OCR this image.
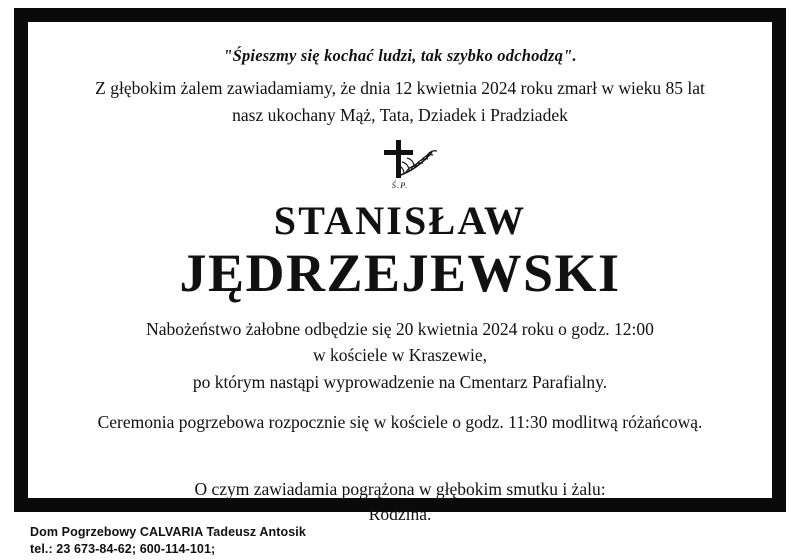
"Śpieszmy się kochać ludzi, tak szybko odchodzą".
Z głębokim żalem zawiadamiamy, że dnia 12 kwietnia 2024 roku zmarł w wieku 85 lat
nasz ukochany Mąż, Tata, Dziadek i Pradziadek
Ś.P.
STANISŁAW
JĘDRZEJEWSKI
Nabożeństwo żałobne odbędzie się 20 kwietnia 2024 roku o godz. 12:00
w kościele w Kraszewie,
po którym nastąpi wyprowadzenie na Cmentarz Parafialny.
Ceremonia pogrzebowa rozpocznie się w kościele o godz. 11:30 modlitwą różańcową.
O czym zawiadamia pogrążona w głębokim smutku i żalu:
Rodzina.
Dom Pogrzebowy CALVARIA Tadeusz Antosik
tel.: 23 673-84-62; 600-114-101;
